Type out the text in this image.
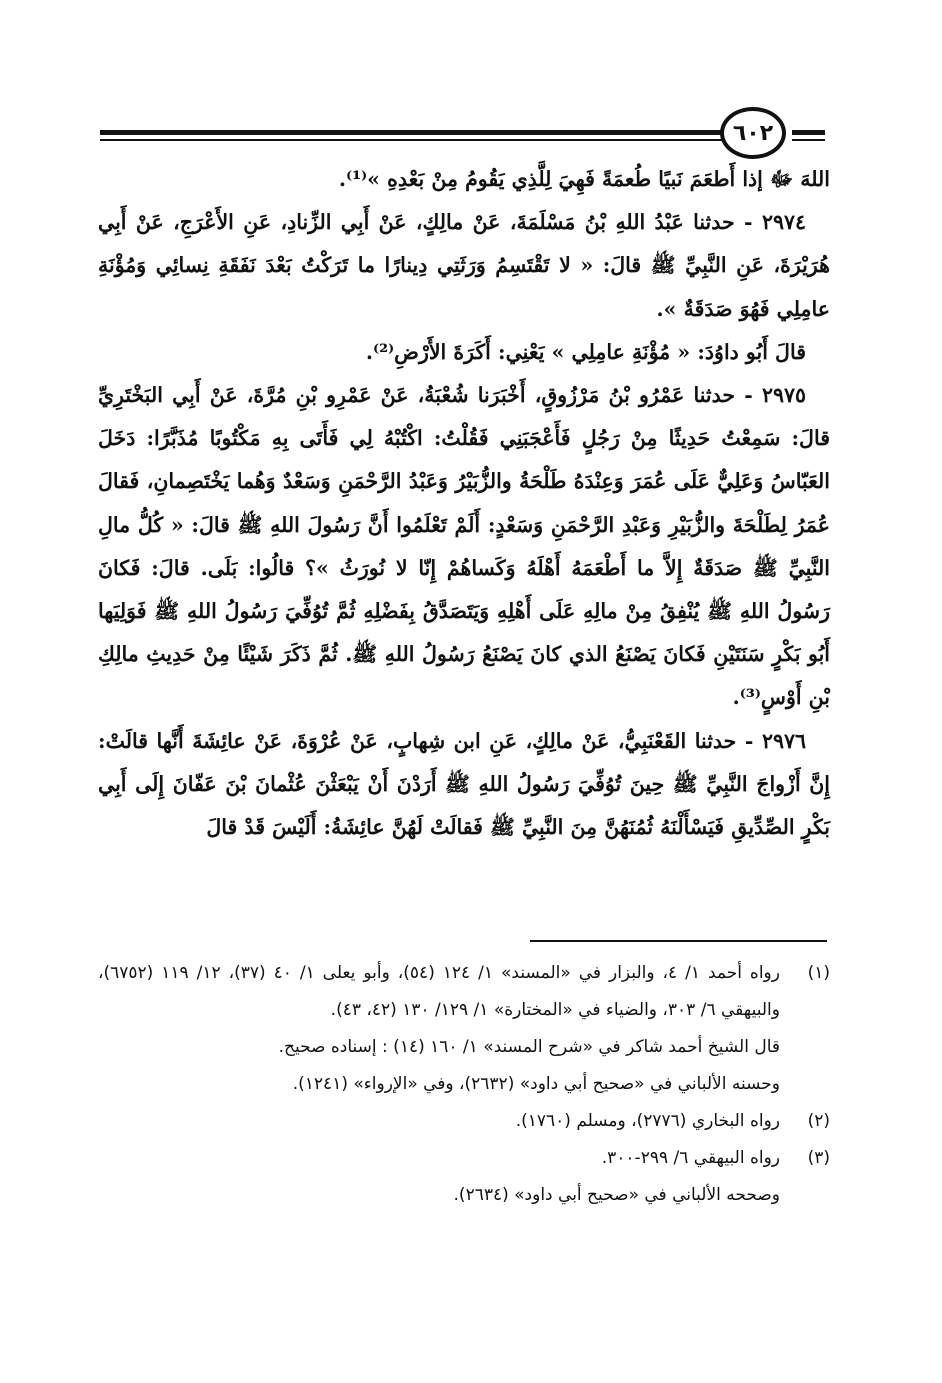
٦٠٢

اللهَ ﷻ إذا أَطعَمَ نَبيًا طُعمَةً فَهِيَ لِلَّذِي يَقُومُ مِنْ بَعْدِهِ »⁽¹⁾.

٢٩٧٤ - حدثنا عَبْدُ اللهِ بْنُ مَسْلَمَةَ، عَنْ مالِكٍ، عَنْ أَبِي الزِّنادِ، عَنِ الأَعْرَجِ، عَنْ أَبِي هُرَيْرَةَ، عَنِ النَّبِيِّ ﷺ قالَ: « لا تَقْتَسِمُ وَرَثَتِي دِينارًا ما تَرَكْتُ بَعْدَ نَفَقَةِ نِسائِي وَمُؤْنَةِ عامِلِي فَهُوَ صَدَقَةٌ ».

قالَ أَبُو داوُدَ: « مُؤْنَةِ عامِلِي » يَعْنِي: أَكَرَةَ الأَرْضِ⁽²⁾.

٢٩٧٥ - حدثنا عَمْرُو بْنُ مَرْزُوقٍ، أَخْبَرَنا شُعْبَةُ، عَنْ عَمْرِو بْنِ مُرَّةَ، عَنْ أَبِي البَخْتَرِيِّ قالَ: سَمِعْتُ حَدِيثًا مِنْ رَجُلٍ فَأَعْجَبَنِي فَقُلْتُ: اكْتُبْهُ لِي فَأَتَى بِهِ مَكْتُوبًا مُذَبَّرًا: دَخَلَ العَبّاسُ وَعَلِيٌّ عَلَى عُمَرَ وَعِنْدَهُ طَلْحَةُ والزُّبَيْرُ وَعَبْدُ الرَّحْمَنِ وَسَعْدٌ وَهُما يَخْتَصِمانِ، فَقالَ عُمَرُ لِطَلْحَةَ والزُّبَيْرِ وَعَبْدِ الرَّحْمَنِ وَسَعْدٍ: أَلَمْ تَعْلَمُوا أَنَّ رَسُولَ اللهِ ﷺ قالَ: « كُلُّ مالِ النَّبِيِّ ﷺ صَدَقَةٌ إِلاَّ ما أَطْعَمَهُ أَهْلَهُ وَكَساهُمْ إِنّا لا نُورَثُ »؟ قالُوا: بَلَى. قالَ: فَكانَ رَسُولُ اللهِ ﷺ يُنْفِقُ مِنْ مالِهِ عَلَى أَهْلِهِ وَيَتَصَدَّقُ بِفَضْلِهِ ثُمَّ تُوُفِّيَ رَسُولُ اللهِ ﷺ فَوَلِيَها أَبُو بَكْرٍ سَنَتَيْنِ فَكانَ يَصْنَعُ الذي كانَ يَصْنَعُ رَسُولُ اللهِ ﷺ. ثُمَّ ذَكَرَ شَيْئًا مِنْ حَدِيثِ مالِكِ بْنِ أَوْسٍ⁽³⁾.

٢٩٧٦ - حدثنا القَعْنَبِيُّ، عَنْ مالِكٍ، عَنِ ابن شِهابٍ، عَنْ عُرْوَةَ، عَنْ عائِشَةَ أَنَّها قالَتْ: إِنَّ أَزْواجَ النَّبِيِّ ﷺ حِينَ تُوُفِّيَ رَسُولُ اللهِ ﷺ أَرَدْنَ أَنْ يَبْعَثْنَ عُثْمانَ بْنَ عَفّانَ إِلَى أَبِي بَكْرٍ الصِّدِّيقِ فَيَسْأَلْنَهُ ثُمُنَهُنَّ مِنَ النَّبِيِّ ﷺ فَقالَتْ لَهُنَّ عائِشَةُ: أَلَيْسَ قَدْ قالَ

(١)
رواه أحمد ١/ ٤، والبزار في «المسند» ١/ ١٢٤ (٥٤)، وأبو يعلى ١/ ٤٠ (٣٧)، ١٢/ ١١٩ (٦٧٥٢)، والبيهقي ٦/ ٣٠٣، والضياء في «المختارة» ١/ ١٢٩/ ١٣٠ (٤٢، ٤٣).
قال الشيخ أحمد شاكر في «شرح المسند» ١/ ١٦٠ (١٤) : إسناده صحيح.
وحسنه الألباني في «صحيح أبي داود» (٢٦٣٢)، وفي «الإرواء» (١٢٤١).
(٢)
رواه البخاري (٢٧٧٦)، ومسلم (١٧٦٠).
(٣)
رواه البيهقي ٦/ ٢٩٩-٣٠٠.
وصححه الألباني في «صحيح أبي داود» (٢٦٣٤).
